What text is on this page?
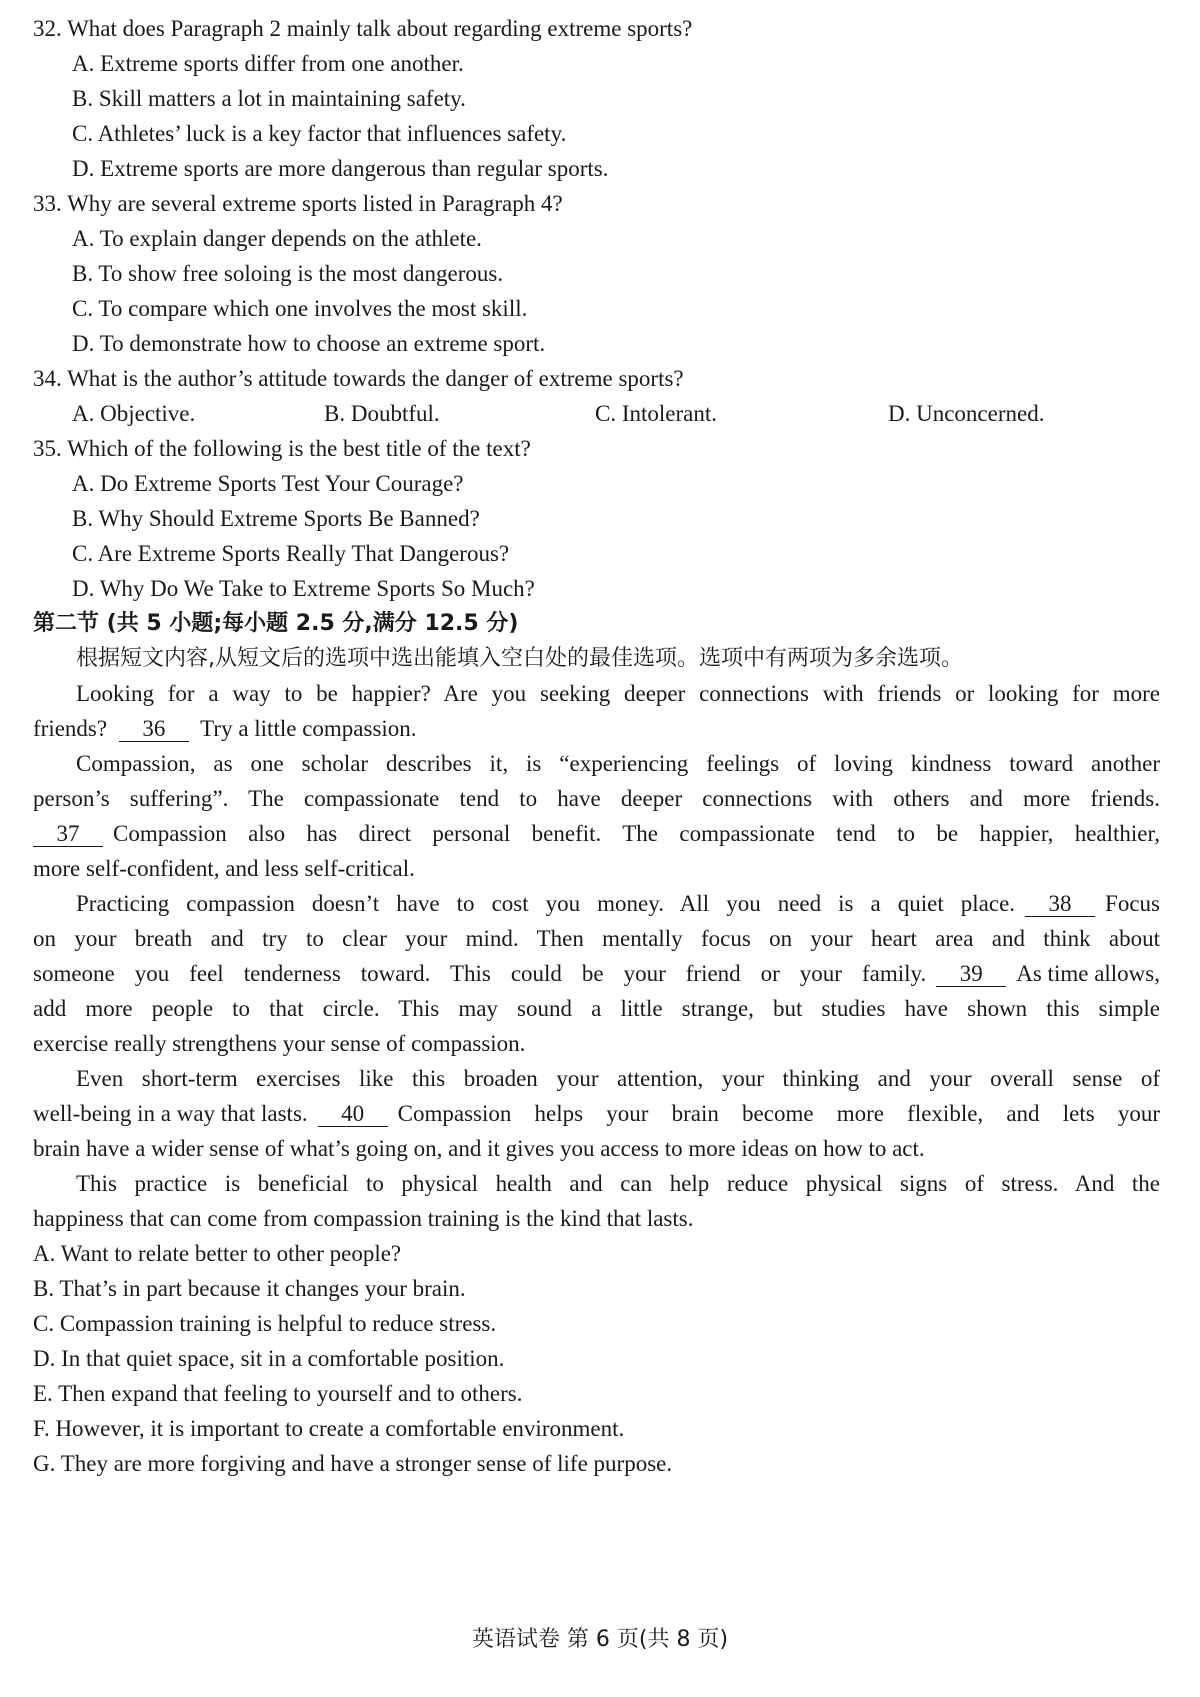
32. What does Paragraph 2 mainly talk about regarding extreme sports?
A. Extreme sports differ from one another.
B. Skill matters a lot in maintaining safety.
C. Athletes’ luck is a key factor that influences safety.
D. Extreme sports are more dangerous than regular sports.
33. Why are several extreme sports listed in Paragraph 4?
A. To explain danger depends on the athlete.
B. To show free soloing is the most dangerous.
C. To compare which one involves the most skill.
D. To demonstrate how to choose an extreme sport.
34. What is the author’s attitude towards the danger of extreme sports?
A. Objective.	B. Doubtful.	C. Intolerant.	D. Unconcerned.
35. Which of the following is the best title of the text?
A. Do Extreme Sports Test Your Courage?
B. Why Should Extreme Sports Be Banned?
C. Are Extreme Sports Really That Dangerous?
D. Why Do We Take to Extreme Sports So Much?
第二节 (共 5 小题;每小题 2.5 分,满分 12.5 分)
根据短文内容,从短文后的选项中选出能填入空白处的最佳选项。选项中有两项为多余选项。
Looking for a way to be happier? Are you seeking deeper connections with friends or looking for more
friends? 36 Try a little compassion.
Compassion, as one scholar describes it, is “experiencing feelings of loving kindness toward another
person’s suffering”. The compassionate tend to have deeper connections with others and more friends.
37	Compassion also has direct personal benefit. The compassionate tend to be happier, healthier,
more self-confident, and less self-critical.
Practicing compassion doesn’t have to cost you money. All you need is a quiet place.	38	Focus
on your breath and try to clear your mind. Then mentally focus on your heart area and think about
someone you feel tenderness toward. This could be your friend or your family.	39	As time allows,
add more people to that circle. This may sound a little strange, but studies have shown this simple
exercise really strengthens your sense of compassion.
Even short-term exercises like this broaden your attention, your thinking and your overall sense of
well-being in a way that lasts.	40	Compassion helps your brain become more flexible, and lets your
brain have a wider sense of what’s going on, and it gives you access to more ideas on how to act.
This practice is beneficial to physical health and can help reduce physical signs of stress. And the
happiness that can come from compassion training is the kind that lasts.
A. Want to relate better to other people?
B. That’s in part because it changes your brain.
C. Compassion training is helpful to reduce stress.
D. In that quiet space, sit in a comfortable position.
E. Then expand that feeling to yourself and to others.
F. However, it is important to create a comfortable environment.
G. They are more forgiving and have a stronger sense of life purpose.
英语试卷 第 6 页(共 8 页)
